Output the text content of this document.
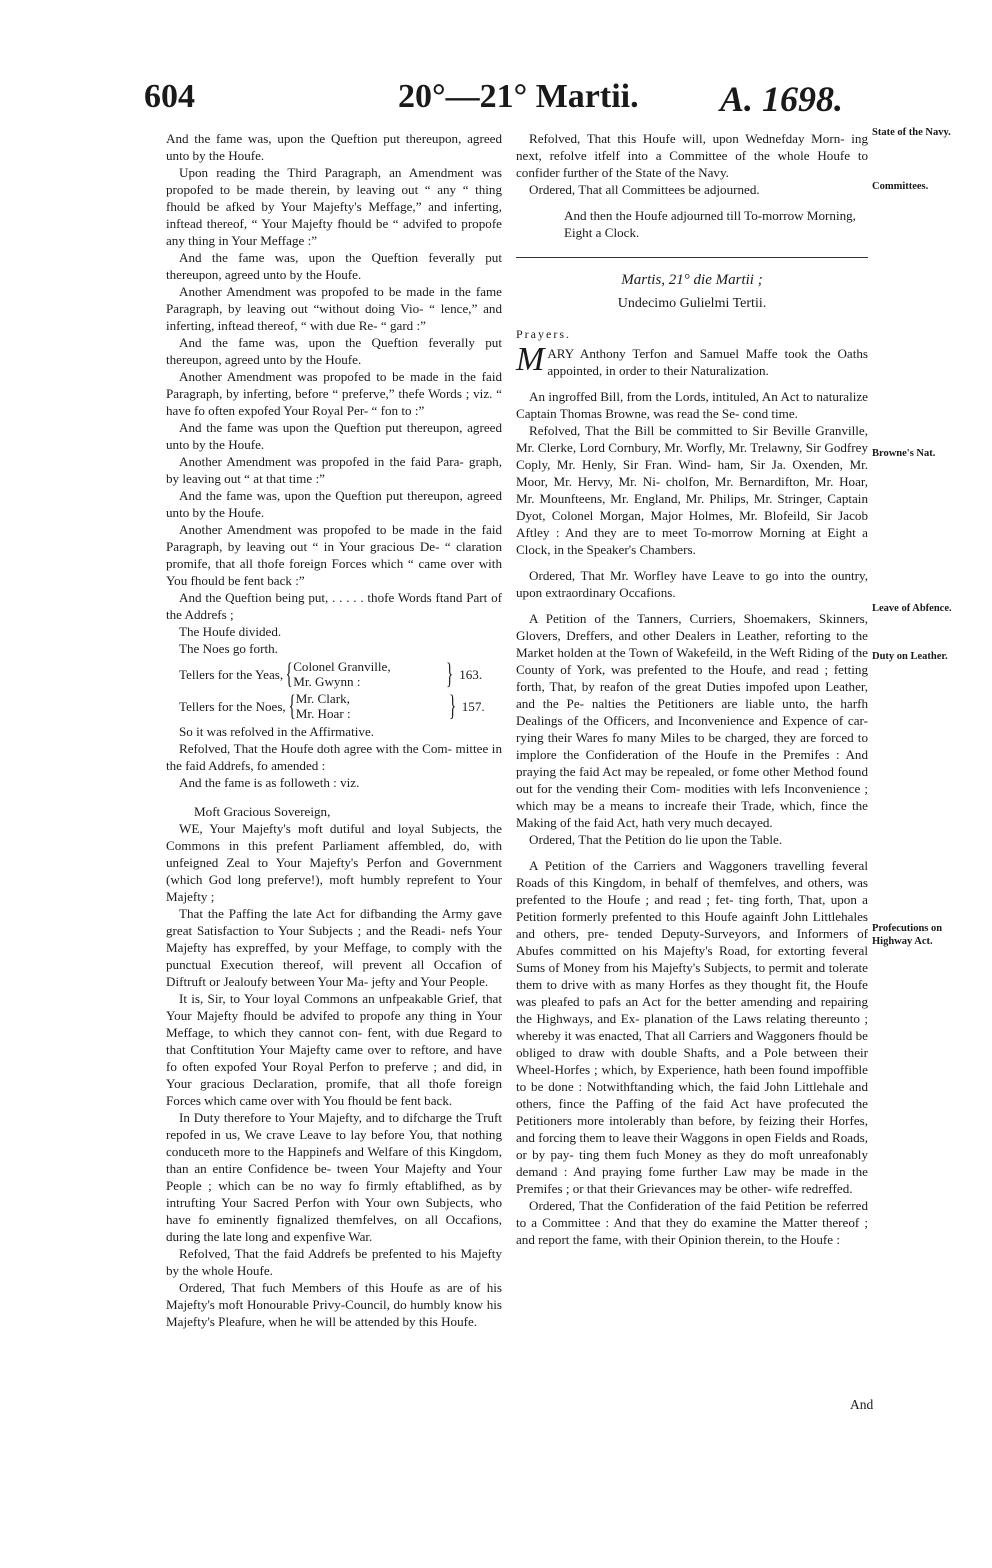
604	20°—21° Martii. A. 1698.

And the fame was, upon the Queftion put thereupon, agreed unto by the Houfe.

Upon reading the Third Paragraph, an Amendment was propofed to be made therein, by leaving out “ any “ thing fhould be afked by Your Majefty's Meffage,” and inferting, inftead thereof, “ Your Majefty fhould be “ advifed to propofe any thing in Your Meffage :”

And the fame was, upon the Queftion feverally put thereupon, agreed unto by the Houfe.

Another Amendment was propofed to be made in the fame Paragraph, by leaving out “without doing Vio- “ lence,” and inferting, inftead thereof, “ with due Re- “ gard :”

And the fame was, upon the Queftion feverally put thereupon, agreed unto by the Houfe.

Another Amendment was propofed to be made in the faid Paragraph, by inferting, before “ preferve,” thefe Words ; viz. “ have fo often expofed Your Royal Per- “ fon to :”

And the fame was upon the Queftion put thereupon, agreed unto by the Houfe.

Another Amendment was propofed in the faid Para- graph, by leaving out “ at that time :”

And the fame was, upon the Queftion put thereupon, agreed unto by the Houfe.

Another Amendment was propofed to be made in the faid Paragraph, by leaving out “ in Your gracious De- “ claration promife, that all thofe foreign Forces which “ came over with You fhould be fent back :”

And the Queftion being put, . . . . . thofe Words ftand Part of the Addrefs ;

The Houfe divided.

The Noes go forth.

Tellers for the Yeas, { Colonel Granville,
Mr. Gwynn :	} 163.
Tellers for the Noes, { Mr. Clark,
Mr. Hoar :	} 157.

So it was refolved in the Affirmative.

Refolved, That the Houfe doth agree with the Com- mittee in the faid Addrefs, fo amended :

And the fame is as followeth : viz.

Moft Gracious Sovereign,

WE, Your Majefty's moft dutiful and loyal Subjects, the Commons in this prefent Parliament affembled, do, with unfeigned Zeal to Your Majefty's Perfon and Government (which God long preferve!), moft humbly reprefent to Your Majefty ;

That the Paffing the late Act for difbanding the Army gave great Satisfaction to Your Subjects ; and the Readi- nefs Your Majefty has expreffed, by your Meffage, to comply with the punctual Execution thereof, will prevent all Occafion of Diftruft or Jealoufy between Your Ma- jefty and Your People.

It is, Sir, to Your loyal Commons an unfpeakable Grief, that Your Majefty fhould be advifed to propofe any thing in Your Meffage, to which they cannot con- fent, with due Regard to that Conftitution Your Majefty came over to reftore, and have fo often expofed Your Royal Perfon to preferve ; and did, in Your gracious Declaration, promife, that all thofe foreign Forces which came over with You fhould be fent back.

In Duty therefore to Your Majefty, and to difcharge the Truft repofed in us, We crave Leave to lay before You, that nothing conduceth more to the Happinefs and Welfare of this Kingdom, than an entire Confidence be- tween Your Majefty and Your People ; which can be no way fo firmly eftablifhed, as by intrufting Your Sacred Perfon with Your own Subjects, who have fo eminently fignalized themfelves, on all Occafions, during the late long and expenfive War.

Refolved, That the faid Addrefs be prefented to his Majefty by the whole Houfe.

Ordered, That fuch Members of this Houfe as are of his Majefty's moft Honourable Privy-Council, do humbly know his Majefty's Pleafure, when he will be attended by this Houfe.

Refolved, That this Houfe will, upon Wednefday Morn- ing next, refolve itfelf into a Committee of the whole Houfe to confider further of the State of the Navy.

Ordered, That all Committees be adjourned.

And then the Houfe adjourned till To-morrow Morning, Eight a Clock.

Martis, 21° die Martii ;
Undecimo Gulielmi Tertii.
Prayers.

MARY Anthony Terfon and Samuel Maffe took the Oaths appointed, in order to their Naturalization.

An ingroffed Bill, from the Lords, intituled, An Act to naturalize Captain Thomas Browne, was read the Se- cond time.

Refolved, That the Bill be committed to Sir Beville Granville, Mr. Clerke, Lord Cornbury, Mr. Worfly, Mr. Trelawny, Sir Godfrey Coply, Mr. Henly, Sir Fran. Wind- ham, Sir Ja. Oxenden, Mr. Moor, Mr. Hervy, Mr. Ni- cholfon, Mr. Bernardifton, Mr. Hoar, Mr. Mounfteens, Mr. England, Mr. Philips, Mr. Stringer, Captain Dyot, Colonel Morgan, Major Holmes, Mr. Blofeild, Sir Jacob Aftley : And they are to meet To-morrow Morning at Eight a Clock, in the Speaker's Chambers.

Ordered, That Mr. Worfley have Leave to go into the ountry, upon extraordinary Occafions.

A Petition of the Tanners, Curriers, Shoemakers, Skinners, Glovers, Dreffers, and other Dealers in Leather, reforting to the Market holden at the Town of Wakefeild, in the Weft Riding of the County of York, was prefented to the Houfe, and read ; fetting forth, That, by reafon of the great Duties impofed upon Leather, and the Pe- nalties the Petitioners are liable unto, the harfh Dealings of the Officers, and Inconvenience and Expence of car- rying their Wares fo many Miles to be charged, they are forced to implore the Confideration of the Houfe in the Premifes : And praying the faid Act may be repealed, or fome other Method found out for the vending their Com- modities with lefs Inconvenience ; which may be a means to increafe their Trade, which, fince the Making of the faid Act, hath very much decayed.

Ordered, That the Petition do lie upon the Table.

A Petition of the Carriers and Waggoners travelling feveral Roads of this Kingdom, in behalf of themfelves, and others, was prefented to the Houfe ; and read ; fet- ting forth, That, upon a Petition formerly prefented to this Houfe againft John Littlehales and others, pre- tended Deputy-Surveyors, and Informers of Abufes committed on his Majefty's Road, for extorting feveral Sums of Money from his Majefty's Subjects, to permit and tolerate them to drive with as many Horfes as they thought fit, the Houfe was pleafed to pafs an Act for the better amending and repairing the Highways, and Ex- planation of the Laws relating thereunto ; whereby it was enacted, That all Carriers and Waggoners fhould be obliged to draw with double Shafts, and a Pole between their Wheel-Horfes ; which, by Experience, hath been found impoffible to be done : Notwithftanding which, the faid John Littlehale and others, fince the Paffing of the faid Act have profecuted the Petitioners more intolerably than before, by feizing their Horfes, and forcing them to leave their Waggons in open Fields and Roads, or by pay- ting them fuch Money as they do moft unreafonably demand : And praying fome further Law may be made in the Premifes ; or that their Grievances may be other- wife redreffed.

Ordered, That the Confideration of the faid Petition be referred to a Committee : And that they do examine the Matter thereof ; and report the fame, with their Opinion therein, to the Houfe :

State of the Navy.
Committees.
Browne's Nat.
Leave of Abfence.
Duty on Leather.
Profecutions on Highway Act.
And
